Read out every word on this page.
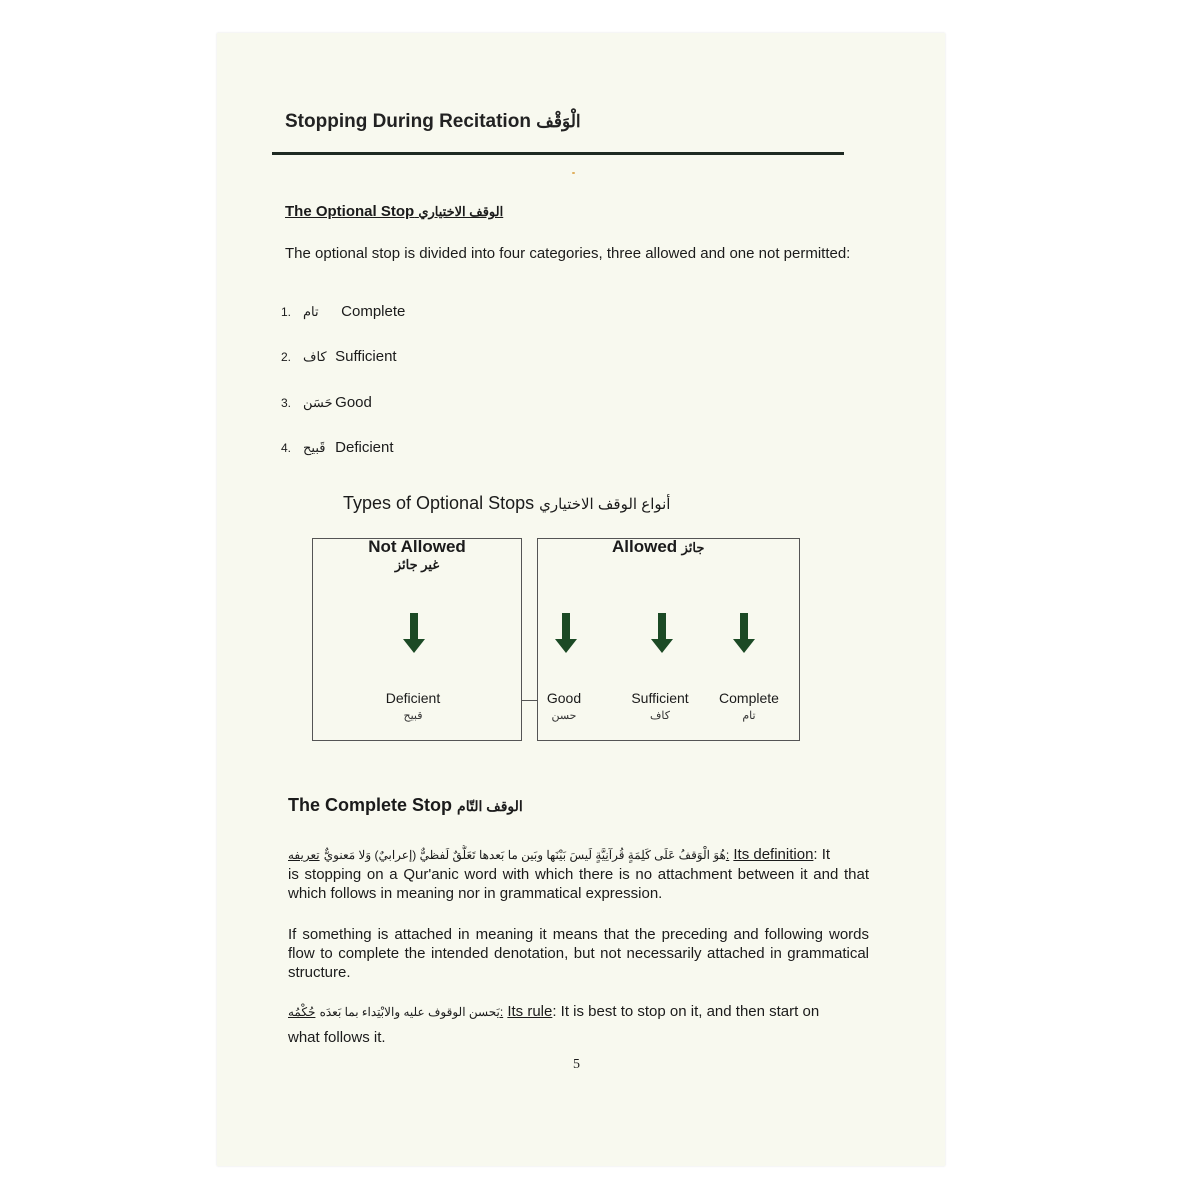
Stopping During Recitation الْوَقْف
The Optional Stop الوقف الاختياري
The optional stop is divided into four categories, three allowed and one not permitted:
1. تام Complete
2. كاف Sufficient
3. حَسَن Good
4. قَبيح Deficient
Types of Optional Stops أنواع الوقف الاختياري
Not Allowed
غير جائز
Allowed جائز
Deficient
قبيح
Good
حسن
Sufficient
كاف
Complete
تام
The Complete Stop الوقف التّام
هُوَ الْوَقفُ عَلَى كَلِمَةٍ قُرآنِيَّةٍ لَيسَ بَيْنَها وبَين ما بَعدها تَعَلُّقٌ لَفظيٌّ (إعرابيٌ) وَلا مَعنويٌّ تعريفه: Its definition: It
is stopping on a Qur'anic word with which there is no attachment between it and that which follows in meaning nor in grammatical expression.
If something is attached in meaning it means that the preceding and following words flow to complete the intended denotation, but not necessarily attached in grammatical structure.
يَحسن الوقوف عليه والابْتِداء بما بَعدَه حُكْمُه: Its rule: It is best to stop on it, and then start on
what follows it.
5
